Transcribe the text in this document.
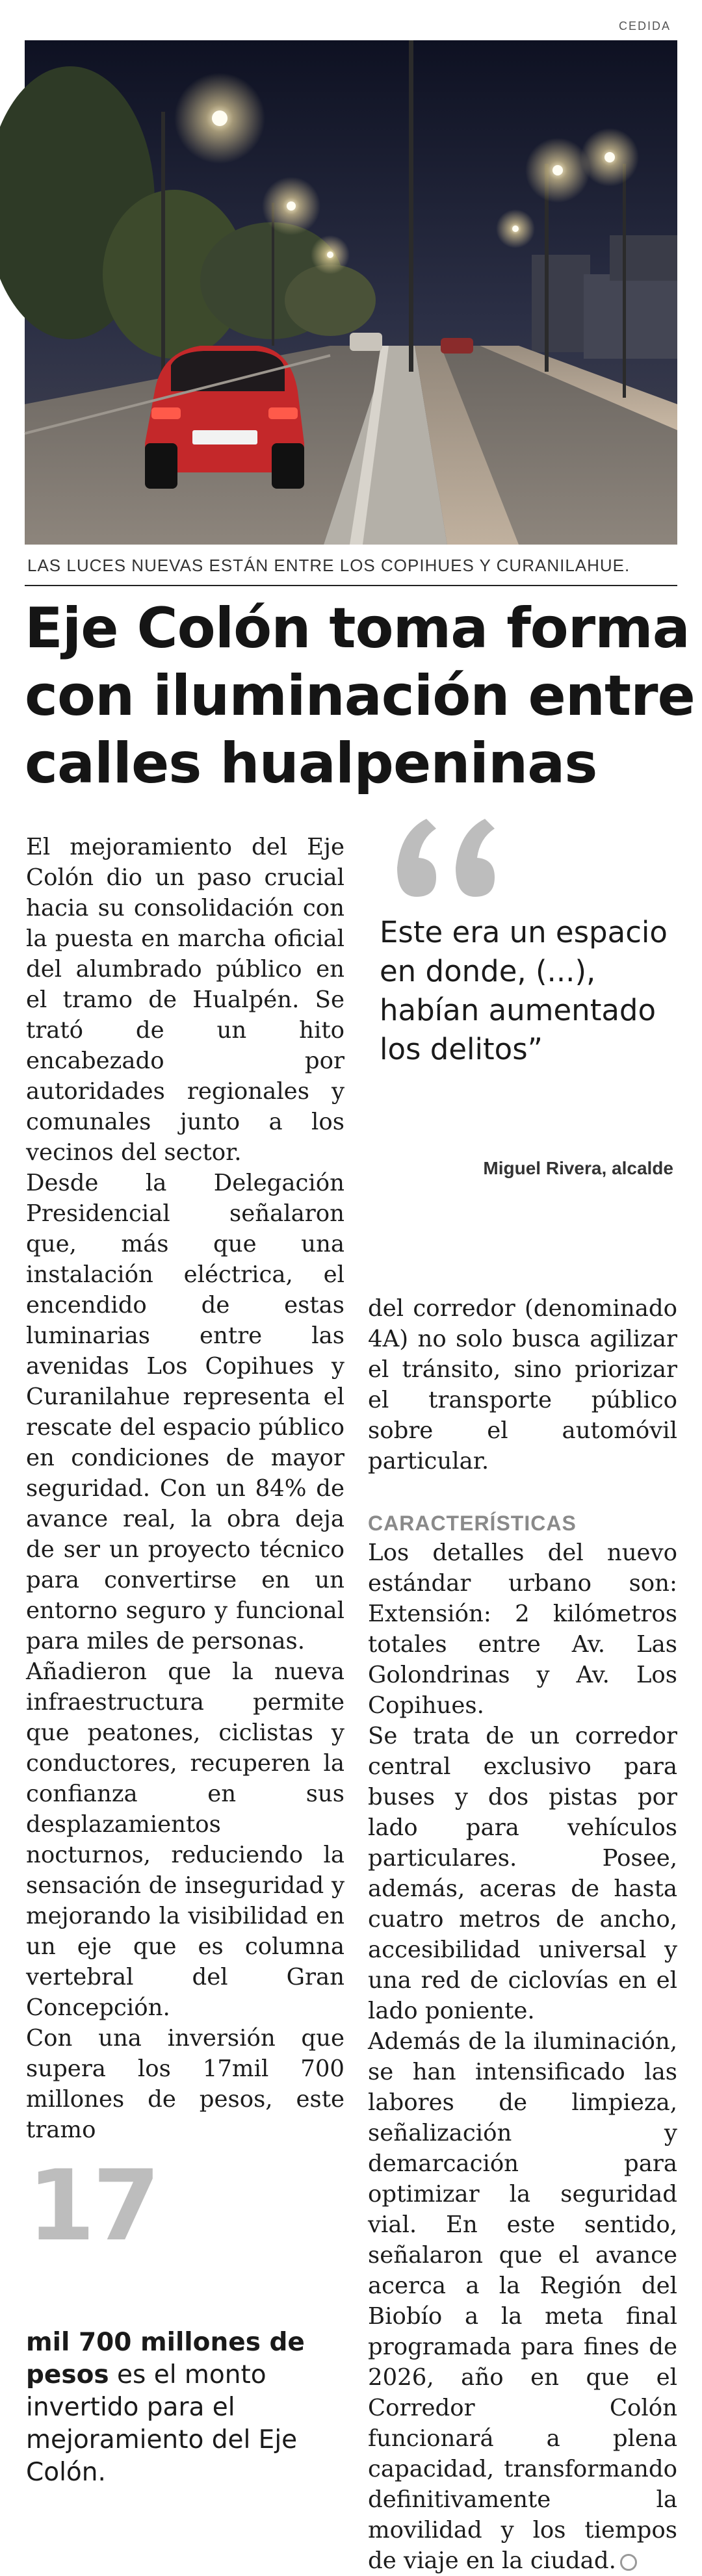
CEDIDA
LAS LUCES NUEVAS ESTÁN ENTRE LOS COPIHUES Y CURANILAHUE.
Eje Colón toma forma
con iluminación entre
calles hualpeninas

El mejoramiento del Eje Colón dio un paso crucial hacia su consolidación con la puesta en marcha oficial del alumbrado público en el tramo de Hualpén. Se trató de un hito encabezado por autoridades regionales y comunales junto a los vecinos del sector.

Desde la Delegación Presidencial señalaron que, más que una instalación eléctrica, el encendido de estas luminarias entre las avenidas Los Copihues y Curanilahue representa el rescate del espacio público en condiciones de mayor seguridad. Con un 84% de avance real, la obra deja de ser un proyecto técnico para convertirse en un entorno seguro y funcional para miles de personas.

Añadieron que la nueva infraestructura permite que peatones, ciclistas y conductores, recuperen la confianza en sus desplazamientos nocturnos, reduciendo la sensación de inseguridad y mejorando la visibilidad en un eje que es columna vertebral del Gran Concepción.

Con una inversión que supera los 17mil 700 millones de pesos, este tramo

Este era un espacio en donde, (...), habían aumentado los delitos”
Miguel Rivera, alcalde

del corredor (denominado 4A) no solo busca agilizar el tránsito, sino priorizar el transporte público sobre el automóvil particular.

CARACTERÍSTICAS

Los detalles del nuevo estándar urbano son: Extensión: 2 kilómetros totales entre Av. Las Golondrinas y Av. Los Copihues.

Se trata de un corredor central exclusivo para buses y dos pistas por lado para vehículos particulares. Posee, además, aceras de hasta cuatro metros de ancho, accesibilidad universal y una red de ciclovías en el lado poniente.

Además de la iluminación, se han intensificado las labores de limpieza, señalización y demarcación para optimizar la seguridad vial. En este sentido, señalaron que el avance acerca a la Región del Biobío a la meta final programada para fines de 2026, año en que el Corredor Colón funcionará a plena capacidad, transformando definitivamente la movilidad y los tiempos de viaje en la ciudad.

17
mil 700 millones de pesos es el monto invertido para el mejoramiento del Eje Colón.
